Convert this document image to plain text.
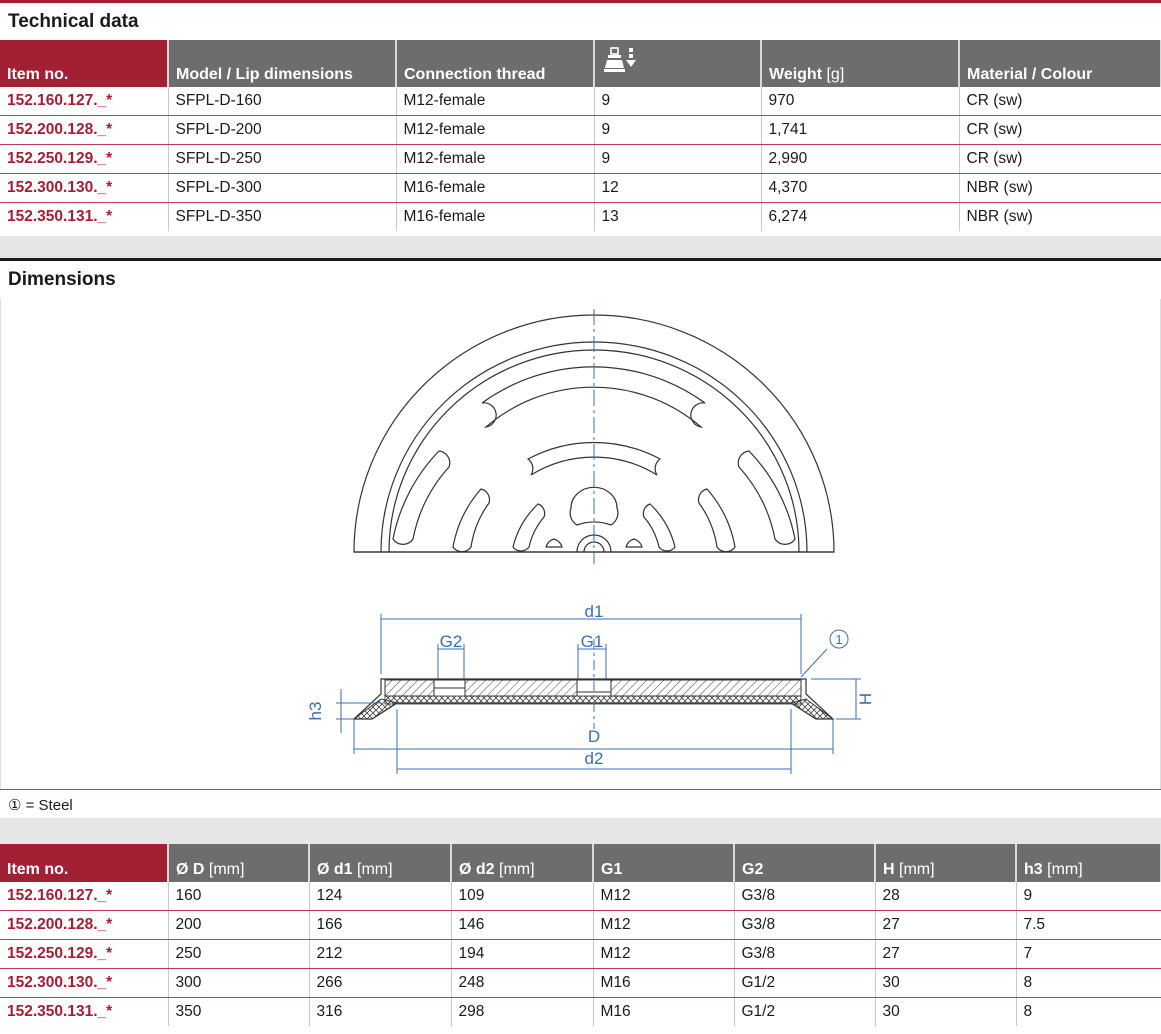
Technical data
Item no.	Model / Lip dimensions	Connection thread		Weight [g]	Material / Colour
152.160.127._*	SFPL-D-160	M12-female	9	970	CR (sw)
152.200.128._*	SFPL-D-200	M12-female	9	1,741	CR (sw)
152.250.129._*	SFPL-D-250	M12-female	9	2,990	CR (sw)
152.300.130._*	SFPL-D-300	M16-female	12	4,370	NBR (sw)
152.350.131._*	SFPL-D-350	M16-female	13	6,274	NBR (sw)
Dimensions
d1
G2	G1
D
d2
1
H
h3
① = Steel
Item no.	Ø D [mm]	Ø d1 [mm]	Ø d2 [mm]	G1	G2	H [mm]	h3 [mm]
152.160.127._*	160	124	109	M12	G3/8	28	9
152.200.128._*	200	166	146	M12	G3/8	27	7.5
152.250.129._*	250	212	194	M12	G3/8	27	7
152.300.130._*	300	266	248	M16	G1/2	30	8
152.350.131._*	350	316	298	M16	G1/2	30	8
